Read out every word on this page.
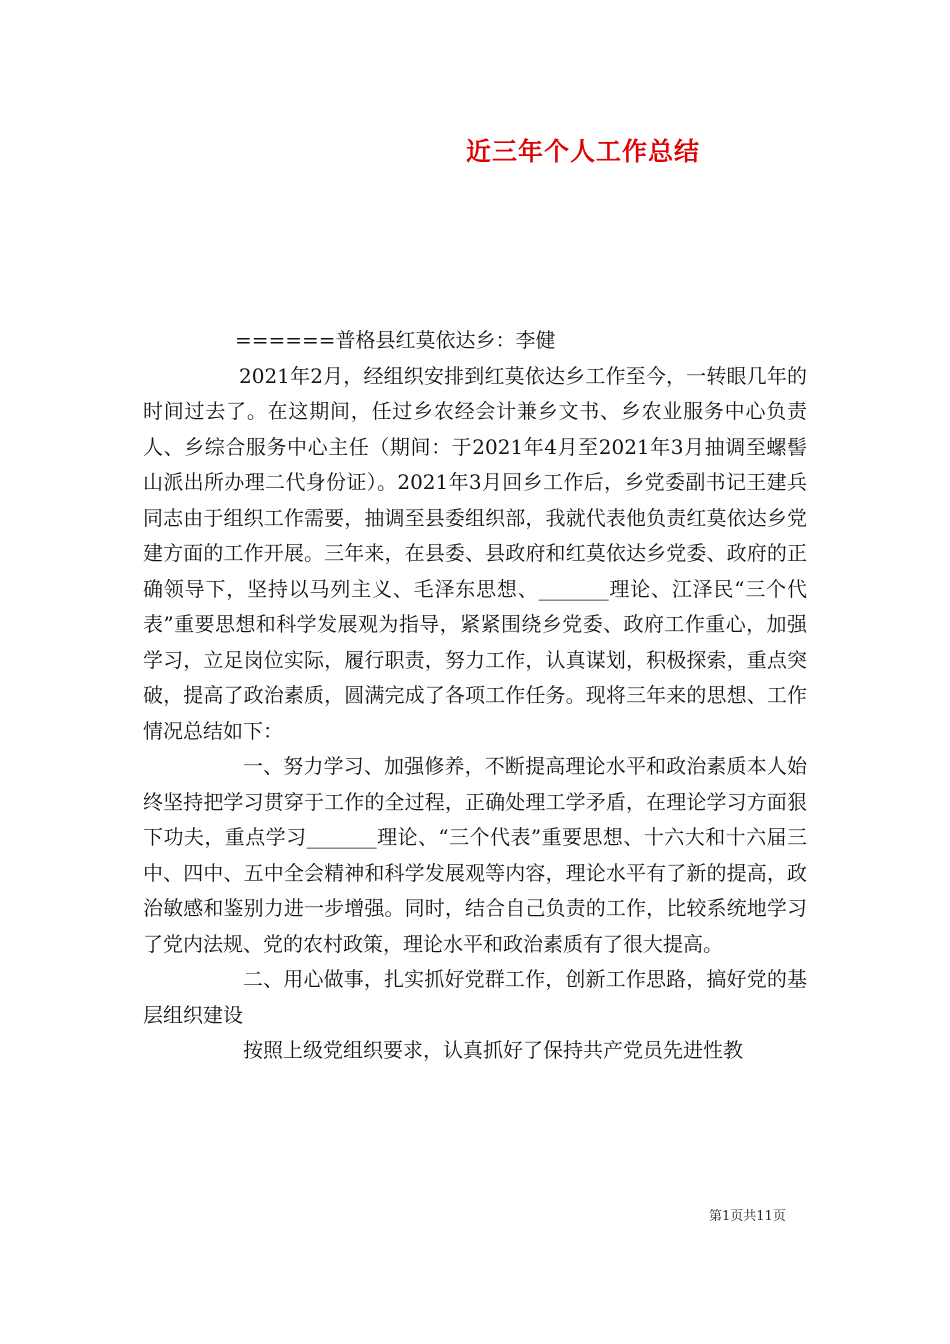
近三年个人工作总结

======普格县红莫依达乡：李健

2021年2月，经组织安排到红莫依达乡工作至今，一转眼几年的时间过去了。在这期间，任过乡农经会计兼乡文书、乡农业服务中心负责人、乡综合服务中心主任（期间：于2021年4月至2021年3月抽调至螺髻山派出所办理二代身份证）。2021年3月回乡工作后，乡党委副书记王建兵同志由于组织工作需要，抽调至县委组织部，我就代表他负责红莫依达乡党建方面的工作开展。三年来，在县委、县政府和红莫依达乡党委、政府的正确领导下，坚持以马列主义、毛泽东思想、_______理论、江泽民“三个代表”重要思想和科学发展观为指导，紧紧围绕乡党委、政府工作重心，加强学习，立足岗位实际，履行职责，努力工作，认真谋划，积极探索，重点突破，提高了政治素质，圆满完成了各项工作任务。现将三年来的思想、工作情况总结如下：

一、努力学习、加强修养，不断提高理论水平和政治素质本人始终坚持把学习贯穿于工作的全过程，正确处理工学矛盾，在理论学习方面狠下功夫，重点学习_______理论、“三个代表”重要思想、十六大和十六届三中、四中、五中全会精神和科学发展观等内容，理论水平有了新的提高，政治敏感和鉴别力进一步增强。同时，结合自己负责的工作，比较系统地学习了党内法规、党的农村政策，理论水平和政治素质有了很大提高。

二、用心做事，扎实抓好党群工作，创新工作思路，搞好党的基层组织建设

按照上级党组织要求，认真抓好了保持共产党员先进性教

第1页共11页
